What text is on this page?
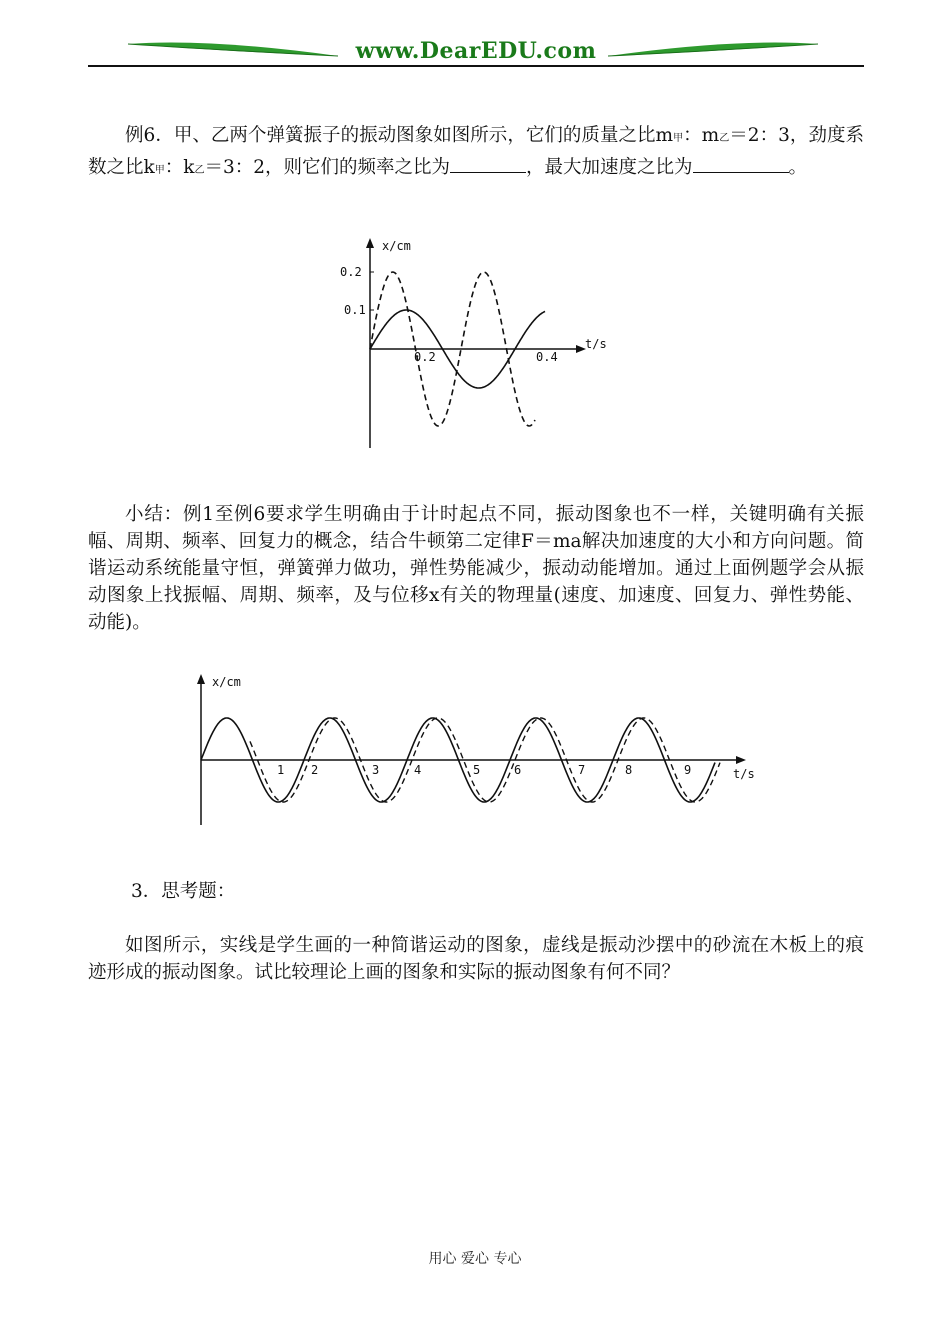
www.DearEDU.com
例6．甲、乙两个弹簧振子的振动图象如图所示，它们的质量之比m甲：m乙＝2：3，劲度系数之比k甲：k乙＝3：2，则它们的频率之比为	，最大加速度之比为	。
x/cm
0.2
0.1
t/s
0.2	0.4
小结：例1至例6要求学生明确由于计时起点不同，振动图象也不一样，关键明确有关振幅、周期、频率、回复力的概念，结合牛顿第二定律F＝ma解决加速度的大小和方向问题。简谐运动系统能量守恒，弹簧弹力做功，弹性势能减少，振动动能增加。通过上面例题学会从振动图象上找振幅、周期、频率，及与位移x有关的物理量(速度、加速度、回复力、弹性势能、动能)。
x/cm
t/s
1 2	3	4	5	6	7	8	9
3．思考题：
如图所示，实线是学生画的一种简谐运动的图象，虚线是振动沙摆中的砂流在木板上的痕迹形成的振动图象。试比较理论上画的图象和实际的振动图象有何不同？
用心 爱心 专心
